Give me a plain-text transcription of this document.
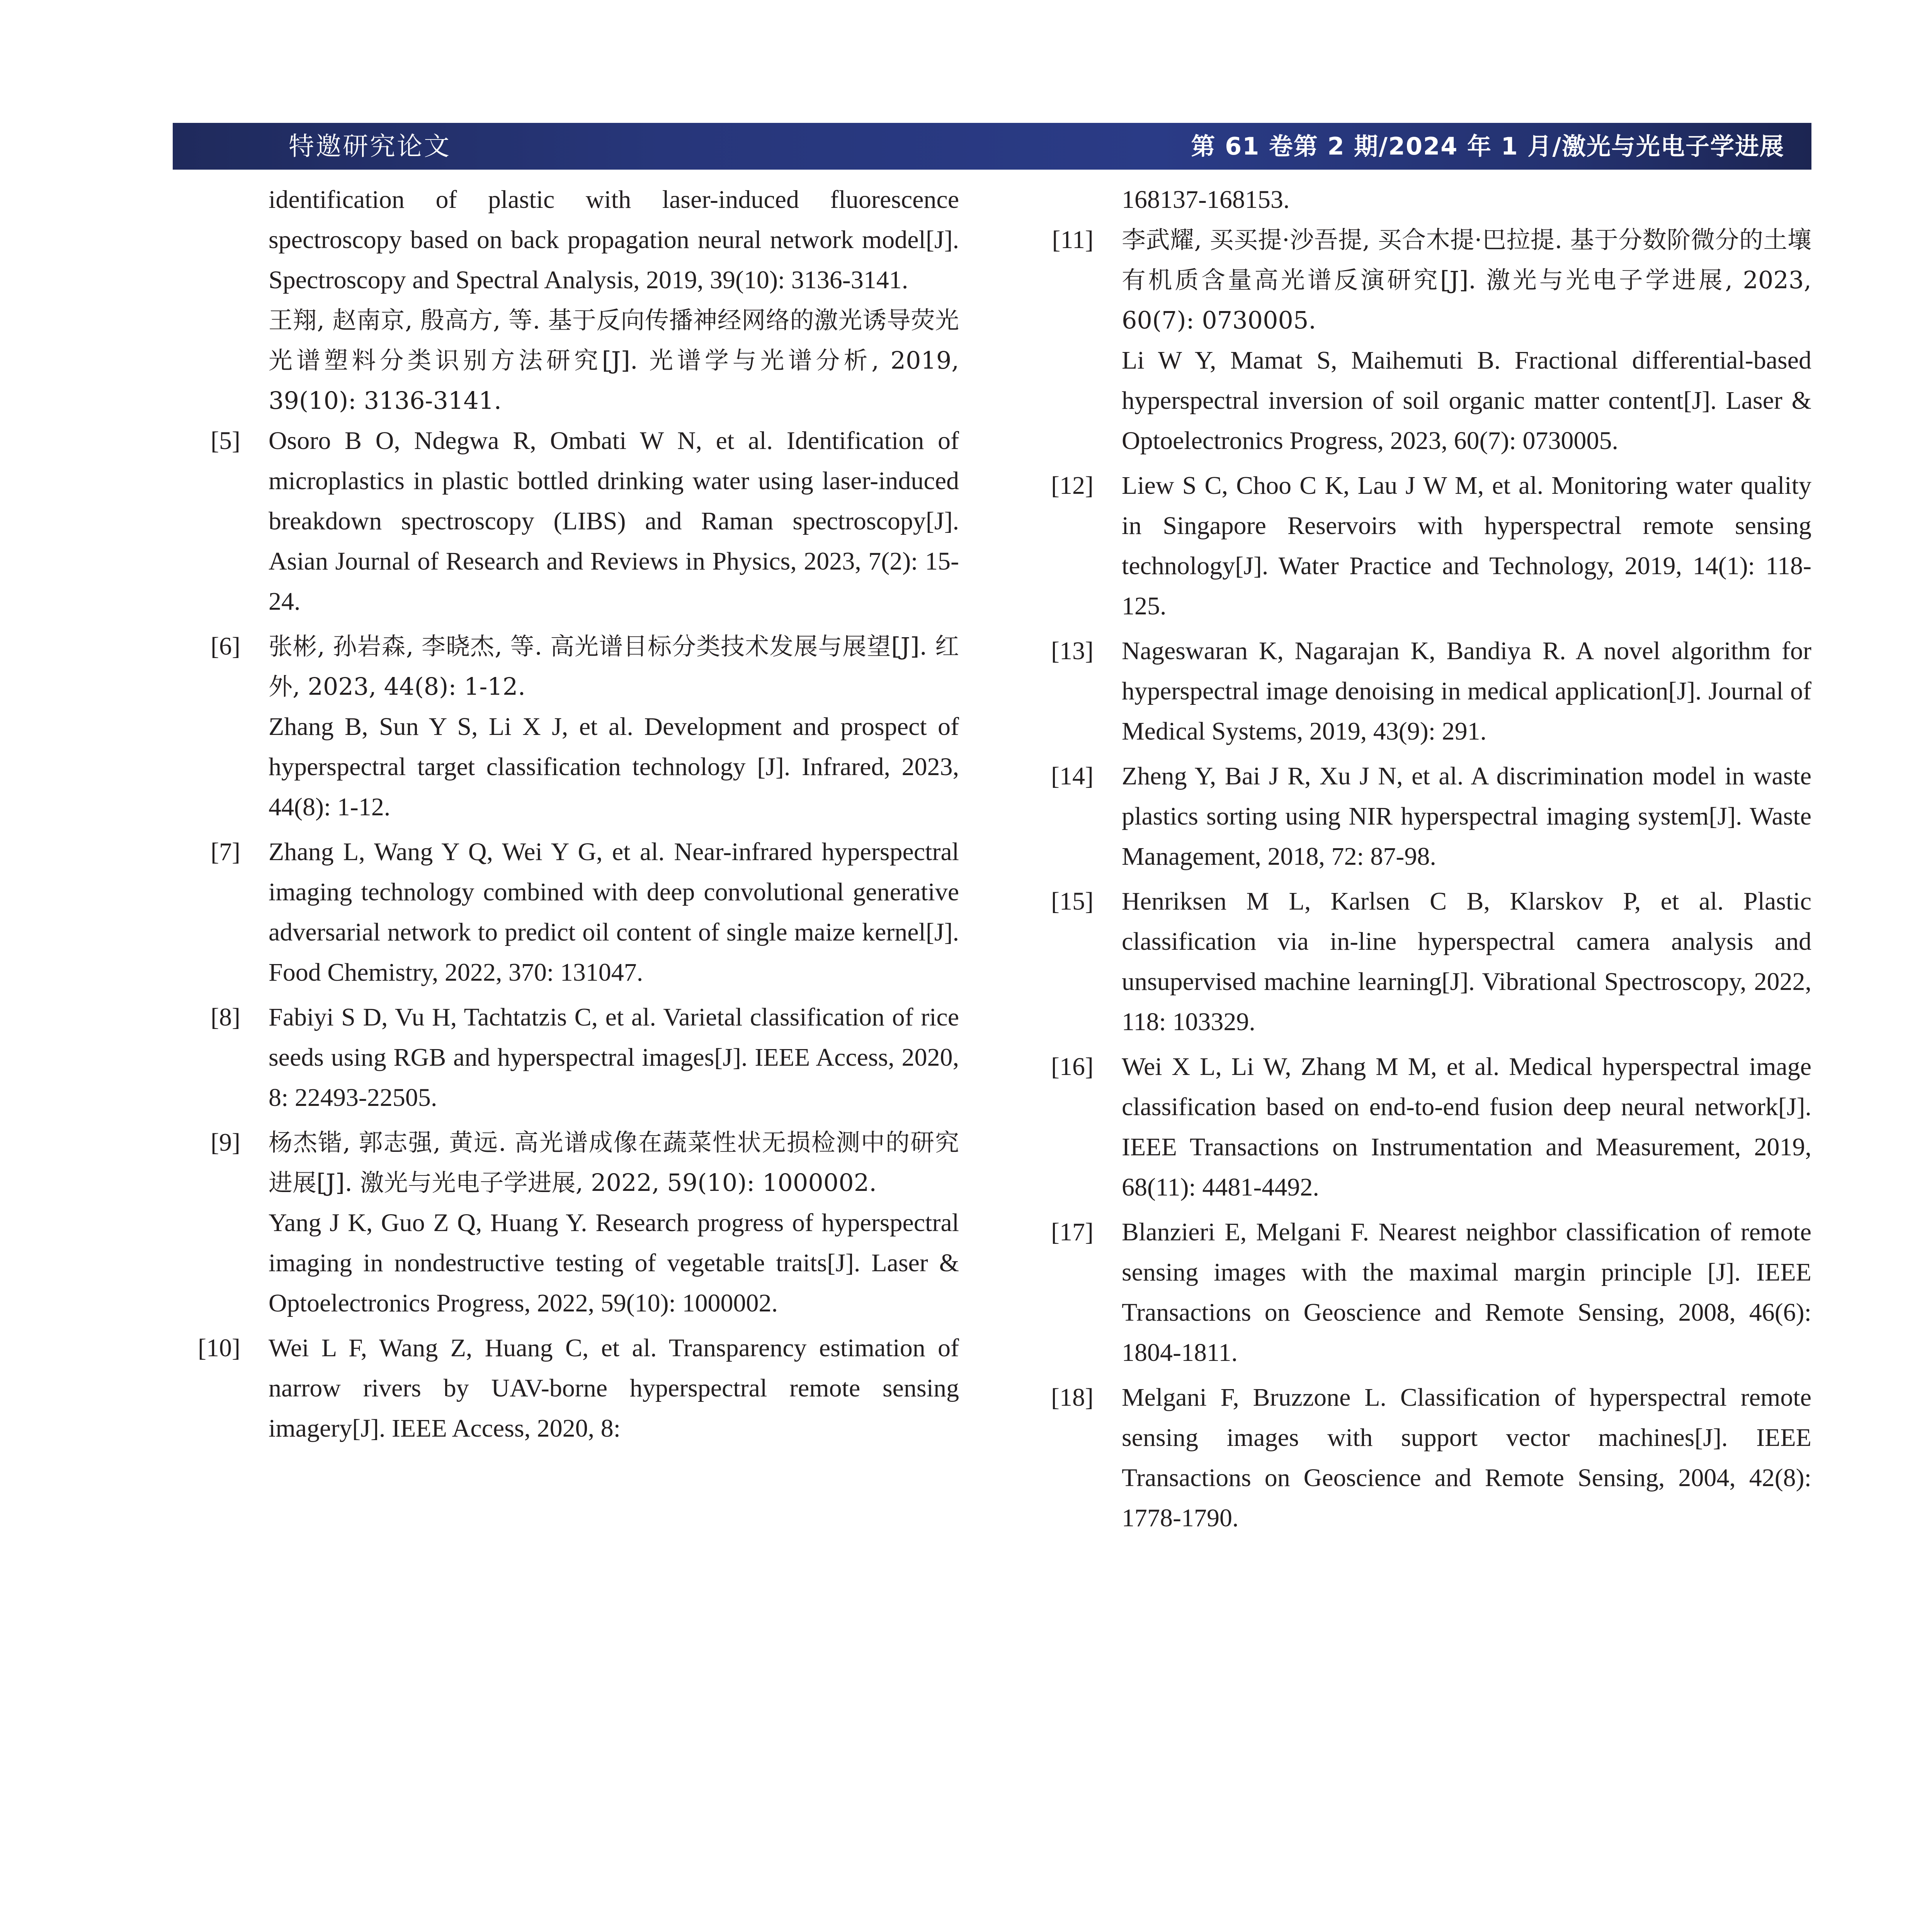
特邀研究论文	第 61 卷第 2 期/2024 年 1 月/激光与光电子学进展

identification of plastic with laser-induced fluorescence spectroscopy based on back propagation neural network model[J]. Spectroscopy and Spectral Analysis, 2019, 39(10): 3136-3141.

王翔, 赵南京, 殷高方, 等. 基于反向传播神经网络的激光诱导荧光光谱塑料分类识别方法研究[J]. 光谱学与光谱分析, 2019, 39(10): 3136-3141.

[5] Osoro B O, Ndegwa R, Ombati W N, et al. Identification of microplastics in plastic bottled drinking water using laser-induced breakdown spectroscopy (LIBS) and Raman spectroscopy[J]. Asian Journal of Research and Reviews in Physics, 2023, 7(2): 15-24.

[6] 张彬, 孙岩森, 李晓杰, 等. 高光谱目标分类技术发展与展望[J]. 红外, 2023, 44(8): 1-12.

Zhang B, Sun Y S, Li X J, et al. Development and prospect of hyperspectral target classification technology [J]. Infrared, 2023, 44(8): 1-12.

[7] Zhang L, Wang Y Q, Wei Y G, et al. Near-infrared hyperspectral imaging technology combined with deep convolutional generative adversarial network to predict oil content of single maize kernel[J]. Food Chemistry, 2022, 370: 131047.

[8] Fabiyi S D, Vu H, Tachtatzis C, et al. Varietal classification of rice seeds using RGB and hyperspectral images[J]. IEEE Access, 2020, 8: 22493-22505.

[9] 杨杰锴, 郭志强, 黄远. 高光谱成像在蔬菜性状无损检测中的研究进展[J]. 激光与光电子学进展, 2022, 59(10): 1000002.

Yang J K, Guo Z Q, Huang Y. Research progress of hyperspectral imaging in nondestructive testing of vegetable traits[J]. Laser & Optoelectronics Progress, 2022, 59(10): 1000002.

[10] Wei L F, Wang Z, Huang C, et al. Transparency estimation of narrow rivers by UAV-borne hyperspectral remote sensing imagery[J]. IEEE Access, 2020, 8:

168137-168153.

[11] 李武耀, 买买提·沙吾提, 买合木提·巴拉提. 基于分数阶微分的土壤有机质含量高光谱反演研究[J]. 激光与光电子学进展, 2023, 60(7): 0730005.

Li W Y, Mamat S, Maihemuti B. Fractional differential-based hyperspectral inversion of soil organic matter content[J]. Laser & Optoelectronics Progress, 2023, 60(7): 0730005.

[12] Liew S C, Choo C K, Lau J W M, et al. Monitoring water quality in Singapore Reservoirs with hyperspectral remote sensing technology[J]. Water Practice and Technology, 2019, 14(1): 118-125.

[13] Nageswaran K, Nagarajan K, Bandiya R. A novel algorithm for hyperspectral image denoising in medical application[J]. Journal of Medical Systems, 2019, 43(9): 291.

[14] Zheng Y, Bai J R, Xu J N, et al. A discrimination model in waste plastics sorting using NIR hyperspectral imaging system[J]. Waste Management, 2018, 72: 87-98.

[15] Henriksen M L, Karlsen C B, Klarskov P, et al. Plastic classification via in-line hyperspectral camera analysis and unsupervised machine learning[J]. Vibrational Spectroscopy, 2022, 118: 103329.

[16] Wei X L, Li W, Zhang M M, et al. Medical hyperspectral image classification based on end-to-end fusion deep neural network[J]. IEEE Transactions on Instrumentation and Measurement, 2019, 68(11): 4481-4492.

[17] Blanzieri E, Melgani F. Nearest neighbor classification of remote sensing images with the maximal margin principle [J]. IEEE Transactions on Geoscience and Remote Sensing, 2008, 46(6): 1804-1811.

[18] Melgani F, Bruzzone L. Classification of hyperspectral remote sensing images with support vector machines[J]. IEEE Transactions on Geoscience and Remote Sensing, 2004, 42(8): 1778-1790.
